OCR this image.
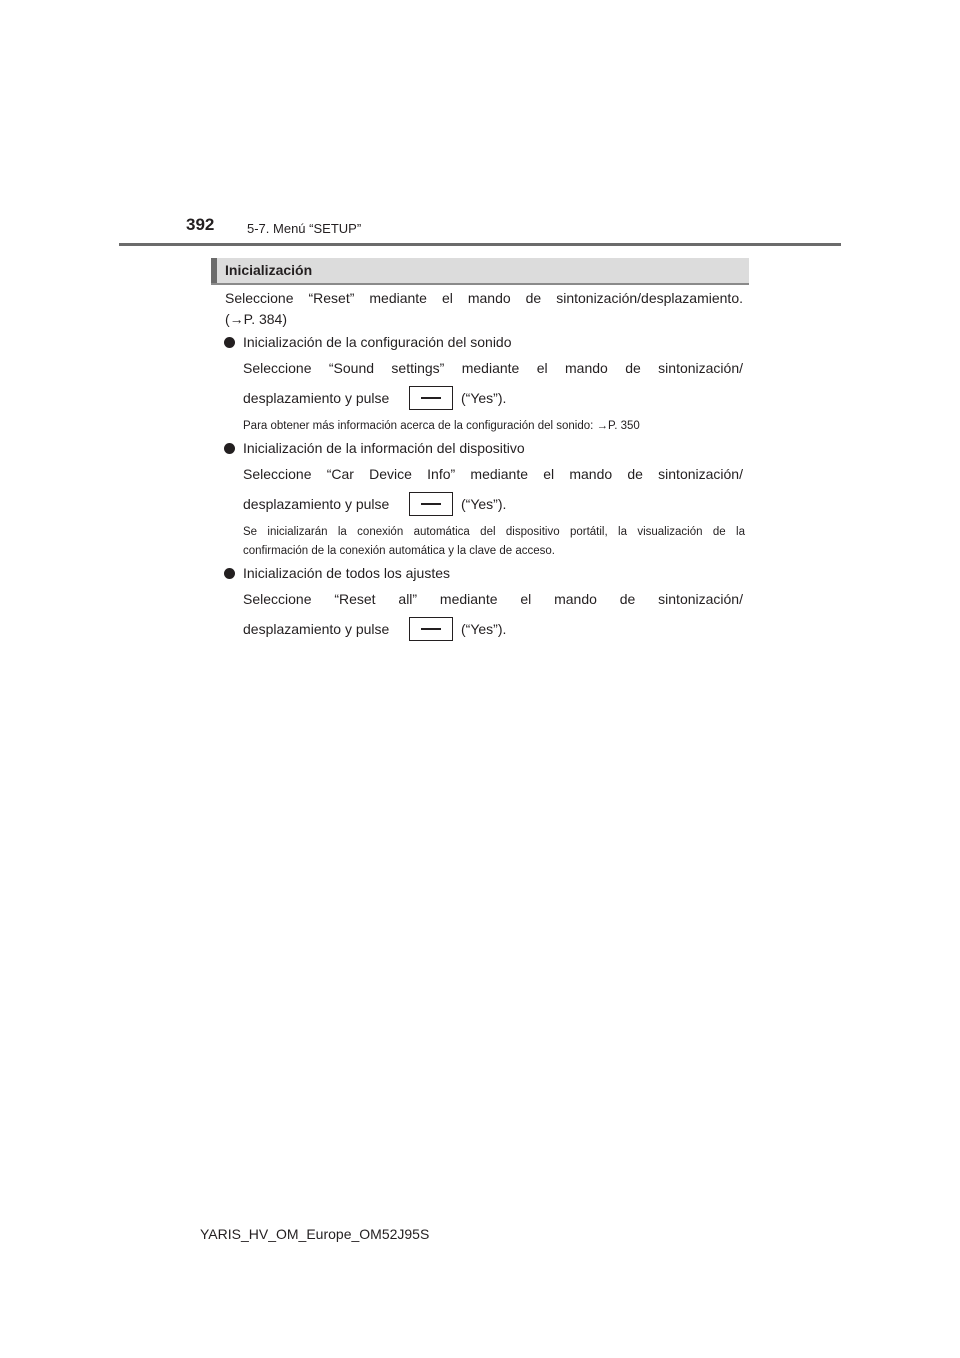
392	5-7. Menú “SETUP”
Inicialización
Seleccione “Reset” mediante el mando de sintonización/desplazamiento.
(→P. 384)
Inicialización de la configuración del sonido
Seleccione “Sound settings” mediante el mando de sintonización/
desplazamiento y pulse	(“Yes”).
Para obtener más información acerca de la configuración del sonido: →P. 350
Inicialización de la información del dispositivo
Seleccione “Car Device Info” mediante el mando de sintonización/
desplazamiento y pulse	(“Yes”).
Se inicializarán la conexión automática del dispositivo portátil, la visualización de la
confirmación de la conexión automática y la clave de acceso.
Inicialización de todos los ajustes
Seleccione “Reset all” mediante el mando de sintonización/
desplazamiento y pulse	(“Yes”).
YARIS_HV_OM_Europe_OM52J95S
